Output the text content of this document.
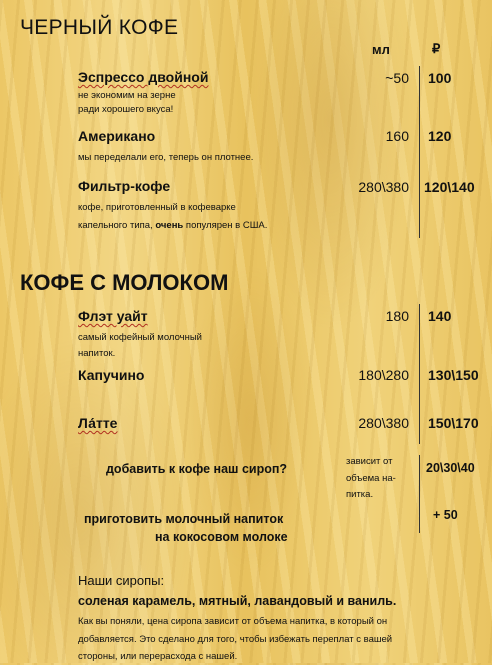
ЧЕРНЫЙ КОФЕ
мл	₽
Эспрессо двойной
не экономим на зерне
ради хорошего вкуса!
~50 100
Американо
мы переделали его, теперь он плотнее.
160 120
Фильтр-кофе
кофе, приготовленный в кофеварке
капельного типа, очень популярен в США.
280\380 120\140
КОФЕ С МОЛОКОМ
Флэт уайт
самый кофейный молочный
напиток.
180 140
Капучино	180\280 130\150
Ла́тте	280\380 150\170
добавить к кофе наш сироп?
зависит от
объема на-
питка.
20\30\40
приготовить молочный напиток
на кокосовом молоке
+ 50
Наши сиропы:
соленая карамель, мятный, лавандовый и ваниль.
Как вы поняли, цена сиропа зависит от объема напитка, в который он
добавляется. Это сделано для того, чтобы избежать переплат с вашей
стороны, или перерасхода с нашей.
